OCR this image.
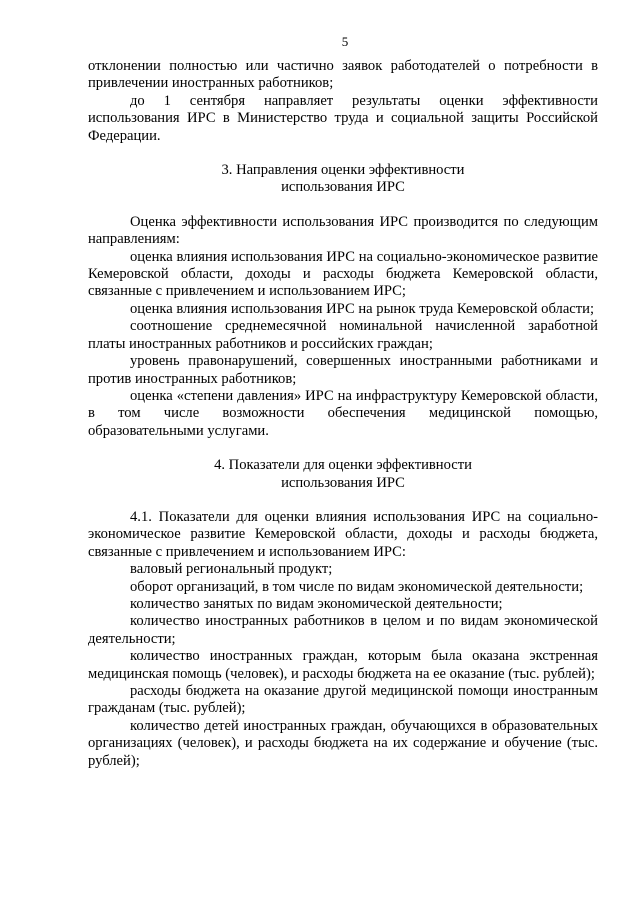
5

отклонении полностью или частично заявок работодателей о потребности в привлечении иностранных работников;

до 1 сентября направляет результаты оценки эффективности использования ИРС в Министерство труда и социальной защиты Российской Федерации.

3. Направления оценки эффективности

использования ИРС

Оценка эффективности использования ИРС производится по следующим направлениям:

оценка влияния использования ИРС на социально-экономическое развитие Кемеровской области, доходы и расходы бюджета Кемеровской области, связанные с привлечением и использованием ИРС;

оценка влияния использования ИРС на рынок труда Кемеровской области;

соотношение среднемесячной номинальной начисленной заработной платы иностранных работников и российских граждан;

уровень правонарушений, совершенных иностранными работниками и против иностранных работников;

оценка «степени давления» ИРС на инфраструктуру Кемеровской области, в том числе возможности обеспечения медицинской помощью, образовательными услугами.

4. Показатели для оценки эффективности

использования ИРС

4.1. Показатели для оценки влияния использования ИРС на социально-экономическое развитие Кемеровской области, доходы и расходы бюджета, связанные с привлечением и использованием ИРС:

валовый региональный продукт;

оборот организаций, в том числе по видам экономической деятельности;

количество занятых по видам экономической деятельности;

количество иностранных работников в целом и по видам экономической деятельности;

количество иностранных граждан, которым была оказана экстренная медицинская помощь (человек), и расходы бюджета на ее оказание (тыс. рублей);

расходы бюджета на оказание другой медицинской помощи иностранным гражданам (тыс. рублей);

количество детей иностранных граждан, обучающихся в образовательных организациях (человек), и расходы бюджета на их содержание и обучение (тыс. рублей);
